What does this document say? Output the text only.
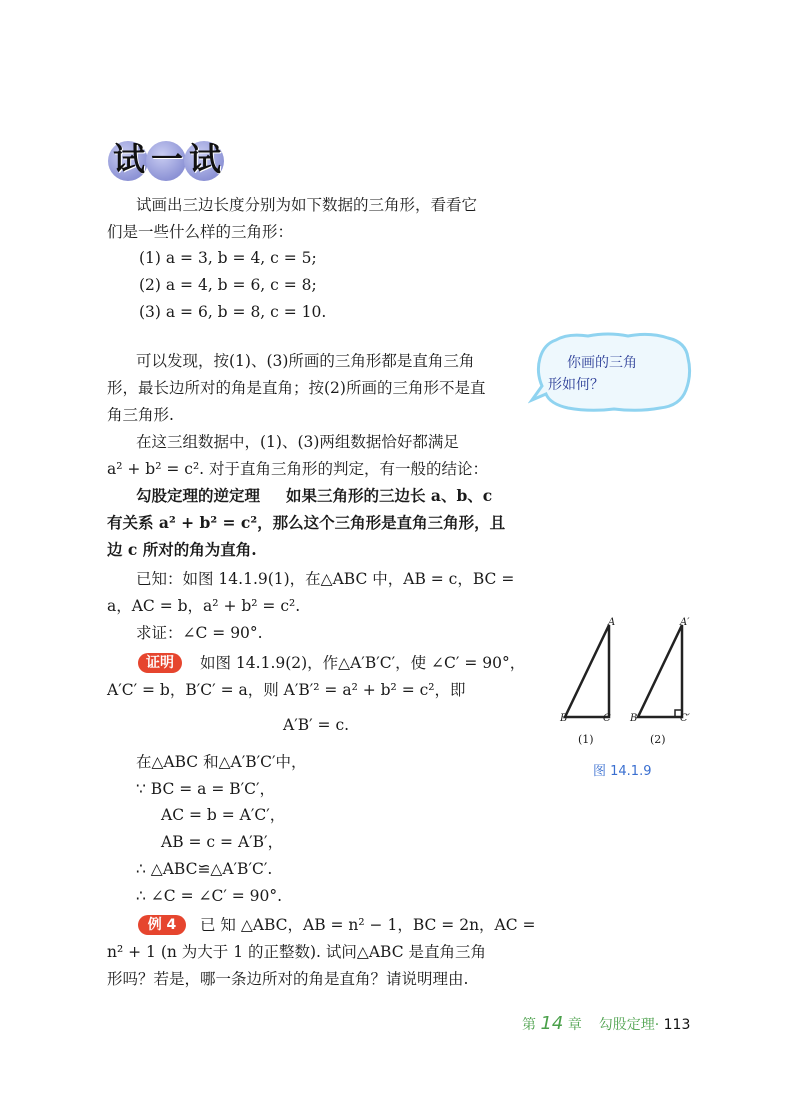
试 一 试
试画出三边长度分别为如下数据的三角形，看看它
们是一些什么样的三角形：
(1) a = 3, b = 4, c = 5;
(2) a = 4, b = 6, c = 8;
(3) a = 6, b = 8, c = 10.
可以发现，按(1)、(3)所画的三角形都是直角三角
形，最长边所对的角是直角；按(2)所画的三角形不是直
角三角形.
在这三组数据中，(1)、(3)两组数据恰好都满足
a² + b² = c². 对于直角三角形的判定，有一般的结论：
勾股定理的逆定理 如果三角形的三边长 a、b、c
有关系 a² + b² = c²，那么这个三角形是直角三角形，且
边 c 所对的角为直角.
已知：如图 14.1.9(1)，在△ABC 中，AB = c，BC =
a，AC = b，a² + b² = c².
求证：∠C = 90°.
证明	如图 14.1.9(2)，作△A′B′C′，使 ∠C′ = 90°，
A′C′ = b，B′C′ = a，则 A′B′² = a² + b² = c²，即
A′B′ = c.
在△ABC 和△A′B′C′中，
∵ BC = a = B′C′，
AC = b = A′C′，
AB = c = A′B′，
∴ △ABC≌△A′B′C′.
∴ ∠C = ∠C′ = 90°.
例 4	已 知 △ABC，AB = n² − 1，BC = 2n，AC =
n² + 1 (n 为大于 1 的正整数). 试问△ABC 是直角三角
形吗？若是，哪一条边所对的角是直角？请说明理由.
你画的三角
形如何？
A
B	C
A′
B′	C′
(1)	(2)
图 14.1.9
第 14 章 勾股定理· 113
